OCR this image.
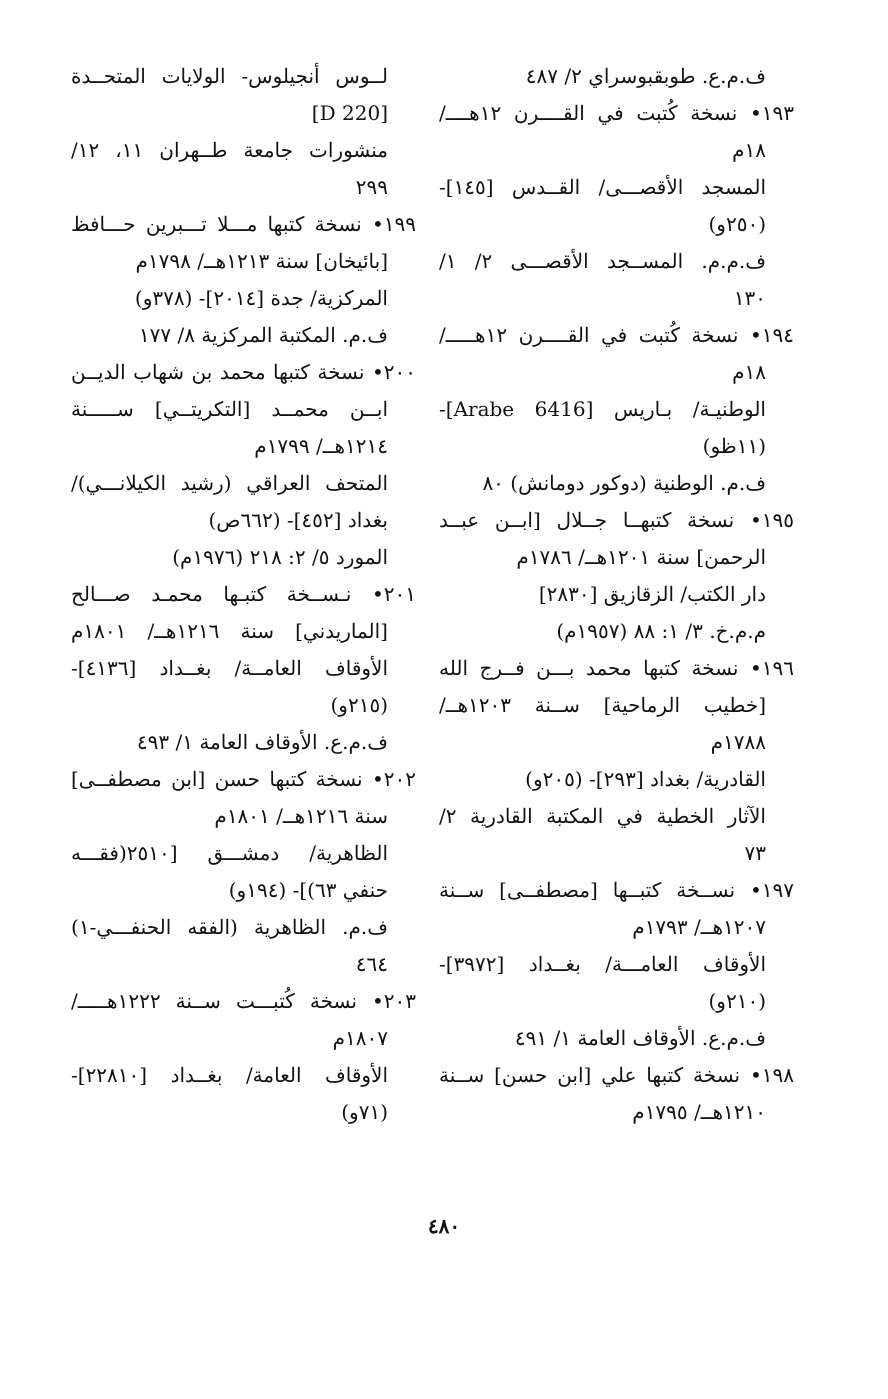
ف.م.ع. طوبقبوسراي ٢/ ٤٨٧
١٩٣• نسخة كُتبت في القــــرن ١٢هــــ/
١٨م
المسجد الأقصـــى/ القــدس [١٤٥]-
(٢٥٠و)
ف.م.م. المســجد الأقصـــى ٢/ ١/
١٣٠
١٩٤• نسخة كُتبت في القــــرن ١٢هـــــ/
١٨م
الوطنيـة/ بـاريس [Arabe 6416]-
(١١ظو)
ف.م. الوطنية (دوكور دومانش) ٨٠
١٩٥• نسخة كتبهــا جــلال [ابــن عبــد
الرحمن] سنة ١٢٠١هــ/ ١٧٨٦م
دار الكتب/ الزقازيق [٢٨٣٠]
م.م.خ. ٣/ ١: ٨٨ (١٩٥٧م)
١٩٦• نسخة كتبها محمد بـــن فــرج الله
[خطيب الرماحية] ســنة ١٢٠٣هــ/
١٧٨٨م
القادرية/ بغداد [٢٩٣]- (٢٠٥و)
الآثار الخطية في المكتبة القادرية ٢/
٧٣
١٩٧• نســخة كتبــها [مصطفــى] ســنة
١٢٠٧هــ/ ١٧٩٣م
الأوقاف العامـــة/ بغــداد [٣٩٧٢]-
(٢١٠و)
ف.م.ع. الأوقاف العامة ١/ ٤٩١
١٩٨• نسخة كتبها علي [ابن حسن] ســنة
١٢١٠هــ/ ١٧٩٥م
لــوس أنجيلوس- الولايات المتحــدة
[D 220]
منشورات جامعة طــهران ١١، ١٢/
٢٩٩
١٩٩• نسخة كتبها مـــلا تـــبرين حـــافظ
[بائيخان] سنة ١٢١٣هــ/ ١٧٩٨م
المركزية/ جدة [٢٠١٤]- (٣٧٨و)
ف.م. المكتبة المركزية ٨/ ١٧٧
٢٠٠• نسخة كتبها محمد بن شهاب الديــن
ابــن محمــد [التكريتــي] ســـــنة
١٢١٤هــ/ ١٧٩٩م
المتحف العراقي (رشيد الكيلانـــي)/
بغداد [٤٥٢]- (٦٦٢ص)
المورد ٥/ ٢: ٢١٨ (١٩٧٦م)
٢٠١• نـســخة كتبـها محمـد صـــالح
[الماريدني] سنة ١٢١٦هــ/ ١٨٠١م
الأوقاف العامــة/ بغــداد [٤١٣٦]-
(٢١٥و)
ف.م.ع. الأوقاف العامة ١/ ٤٩٣
٢٠٢• نسخة كتبها حسن [ابن مصطفــى]
سنة ١٢١٦هــ/ ١٨٠١م
الظاهرية/ دمشـــق [٢٥١٠(فقـــه
حنفي ٦٣)]- (١٩٤و)
ف.م. الظاهرية (الفقه الحنفـــي-١)
٤٦٤
٢٠٣• نسخة كُتبـــت ســنة ١٢٢٢هـــــ/
١٨٠٧م
الأوقاف العامة/ بغــداد [٢٢٨١٠]-
(٧١و)
٤٨٠
